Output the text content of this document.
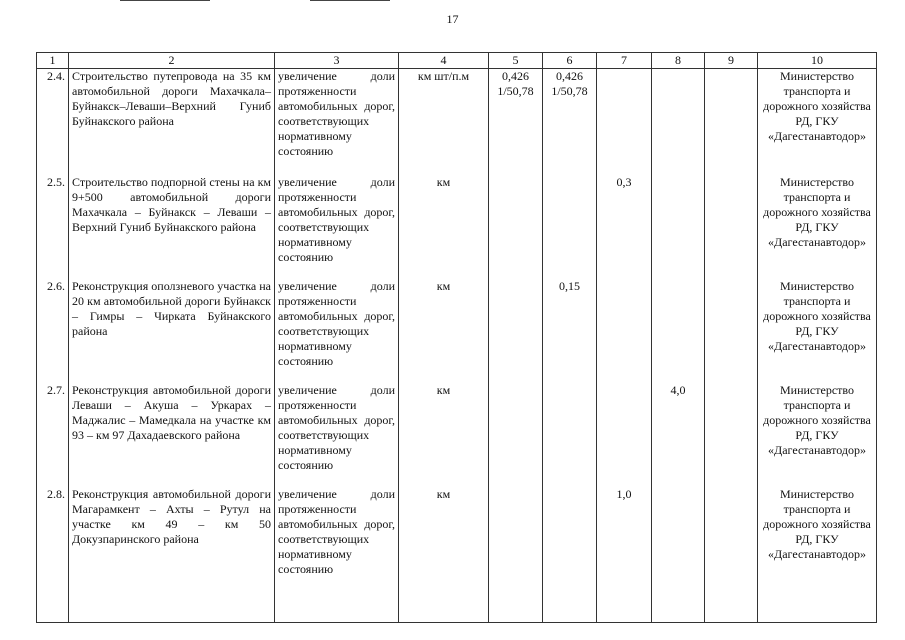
17
1	2	3	4	5	6	7	8	9	10
2.4.	Строительство путепровода на 35 км автомобильной дороги Махачкала–Буйнакск–Леваши–Верхний Гуниб Буйнакского района	увеличение доли протяженности автомобильных дорог, соответствующих нормативному состоянию	км шт/п.м	0,426 1/50,78	0,426 1/50,78				Министерство транспорта и дорожного хозяйства РД, ГКУ «Дагестанавтодор»
2.5.	Строительство подпорной стены на км 9+500 автомобильной дороги Махачкала – Буйнакск – Леваши – Верхний Гуниб Буйнакского района	увеличение доли протяженности автомобильных дорог, соответствующих нормативному состоянию	км			0,3			Министерство транспорта и дорожного хозяйства РД, ГКУ «Дагестанавтодор»
2.6.	Реконструкция оползневого участка на 20 км автомобильной дороги Буйнакск – Гимры – Чирката Буйнакского района	увеличение доли протяженности автомобильных дорог, соответствующих нормативному состоянию	км		0,15				Министерство транспорта и дорожного хозяйства РД, ГКУ «Дагестанавтодор»
2.7.	Реконструкция автомобильной дороги Леваши – Акуша – Уркарах – Маджалис – Мамедкала на участке км 93 – км 97 Дахадаевского района	увеличение доли протяженности автомобильных дорог, соответствующих нормативному состоянию	км				4,0		Министерство транспорта и дорожного хозяйства РД, ГКУ «Дагестанавтодор»
2.8.	Реконструкция автомобильной дороги Магарамкент – Ахты – Рутул на участке км 49 – км 50 Докузпаринского района	увеличение доли протяженности автомобильных дорог, соответствующих нормативному состоянию	км			1,0			Министерство транспорта и дорожного хозяйства РД, ГКУ «Дагестанавтодор»
